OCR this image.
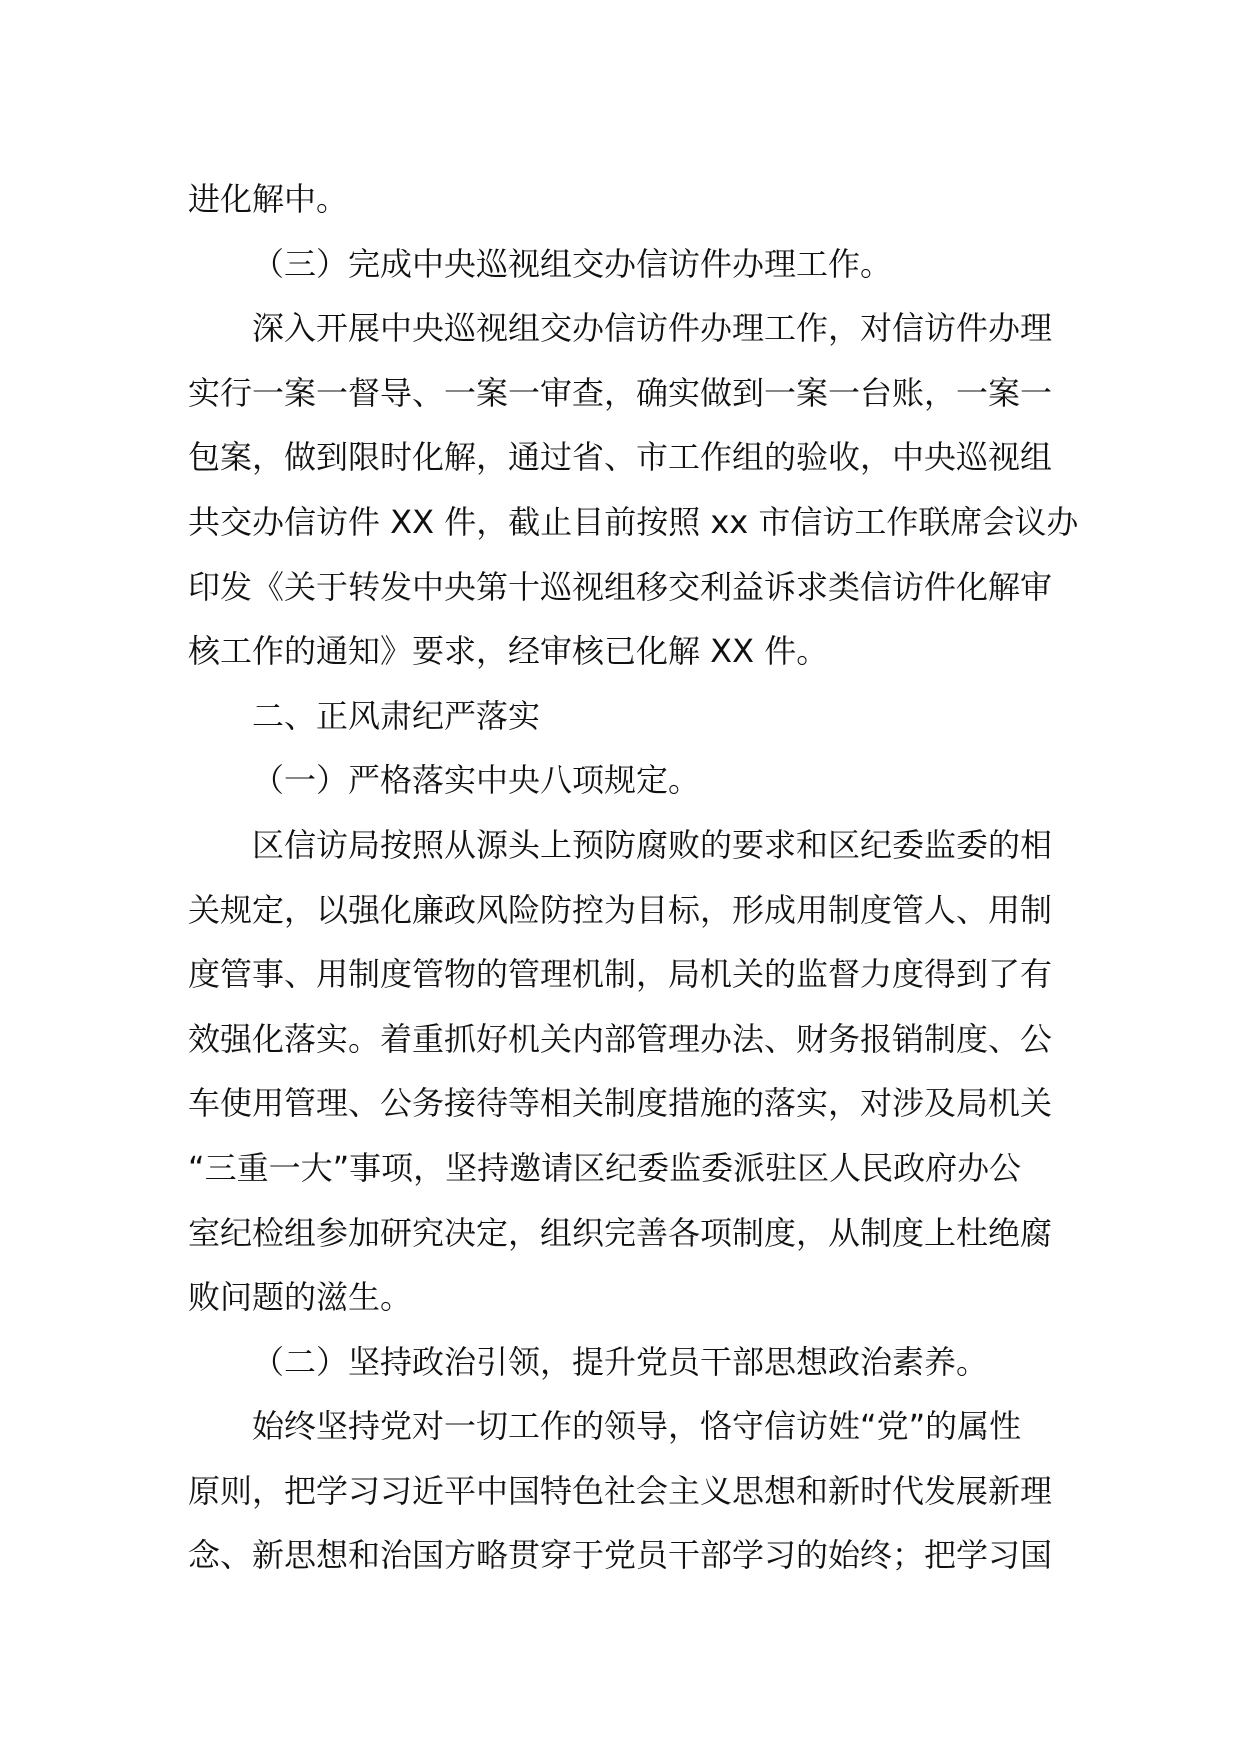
进化解中。
（三）完成中央巡视组交办信访件办理工作。
深入开展中央巡视组交办信访件办理工作，对信访件办理
实行一案一督导、一案一审查，确实做到一案一台账，一案一
包案，做到限时化解，通过省、市工作组的验收，中央巡视组
共交办信访件 XX 件，截止目前按照 xx 市信访工作联席会议办
印发《关于转发中央第十巡视组移交利益诉求类信访件化解审
核工作的通知》要求，经审核已化解 XX 件。
二、正风肃纪严落实
（一）严格落实中央八项规定。
区信访局按照从源头上预防腐败的要求和区纪委监委的相
关规定，以强化廉政风险防控为目标，形成用制度管人、用制
度管事、用制度管物的管理机制，局机关的监督力度得到了有
效强化落实。着重抓好机关内部管理办法、财务报销制度、公
车使用管理、公务接待等相关制度措施的落实，对涉及局机关
“三重一大”事项，坚持邀请区纪委监委派驻区人民政府办公
室纪检组参加研究决定，组织完善各项制度，从制度上杜绝腐
败问题的滋生。
（二）坚持政治引领，提升党员干部思想政治素养。
始终坚持党对一切工作的领导，恪守信访姓“党”的属性
原则，把学习习近平中国特色社会主义思想和新时代发展新理
念、新思想和治国方略贯穿于党员干部学习的始终；把学习国
